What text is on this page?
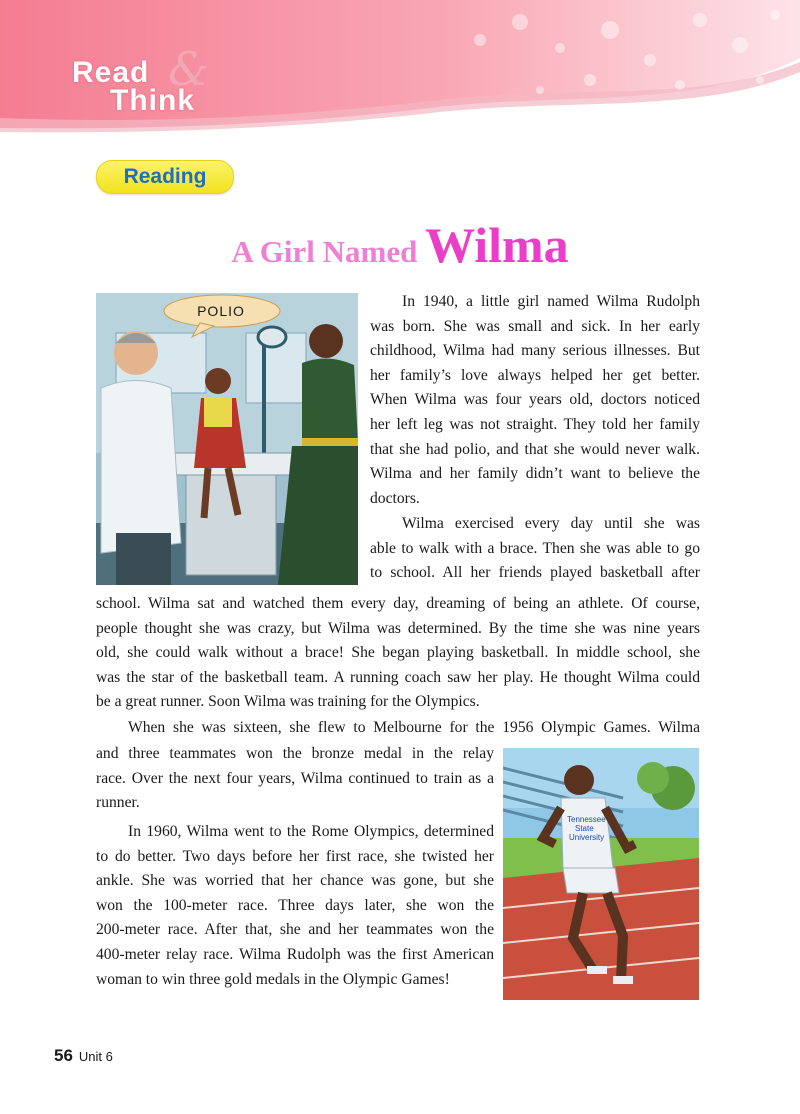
Read &
Think
Reading
A Girl Named Wilma
POLIO
In 1940, a little girl named Wilma Rudolph
was born. She was small and sick. In her early
childhood, Wilma had many serious illnesses. But
her family’s love always helped her get better.
When Wilma was four years old, doctors noticed
her left leg was not straight. They told her family
that she had polio, and that she would never walk.
Wilma and her family didn’t want to believe the
doctors.
Wilma exercised every day until she was
able to walk with a brace. Then she was able to go
to school. All her friends played basketball after
school. Wilma sat and watched them every day, dreaming of being an athlete. Of course,
people thought she was crazy, but Wilma was determined. By the time she was nine years
old, she could walk without a brace! She began playing basketball. In middle school, she
was the star of the basketball team. A running coach saw her play. He thought Wilma could
be a great runner. Soon Wilma was training for the Olympics.
When she was sixteen, she flew to Melbourne for the 1956 Olympic Games. Wilma
and three teammates won the bronze medal in the relay
race. Over the next four years, Wilma continued to train as a
runner.
In 1960, Wilma went to the Rome Olympics, determined
to do better. Two days before her first race, she twisted her
ankle. She was worried that her chance was gone, but she
won the 100-meter race. Three days later, she won the
200-meter race. After that, she and her teammates won the
400-meter relay race. Wilma Rudolph was the first American
woman to win three gold medals in the Olympic Games!
Tennessee
State
University
56 Unit 6
